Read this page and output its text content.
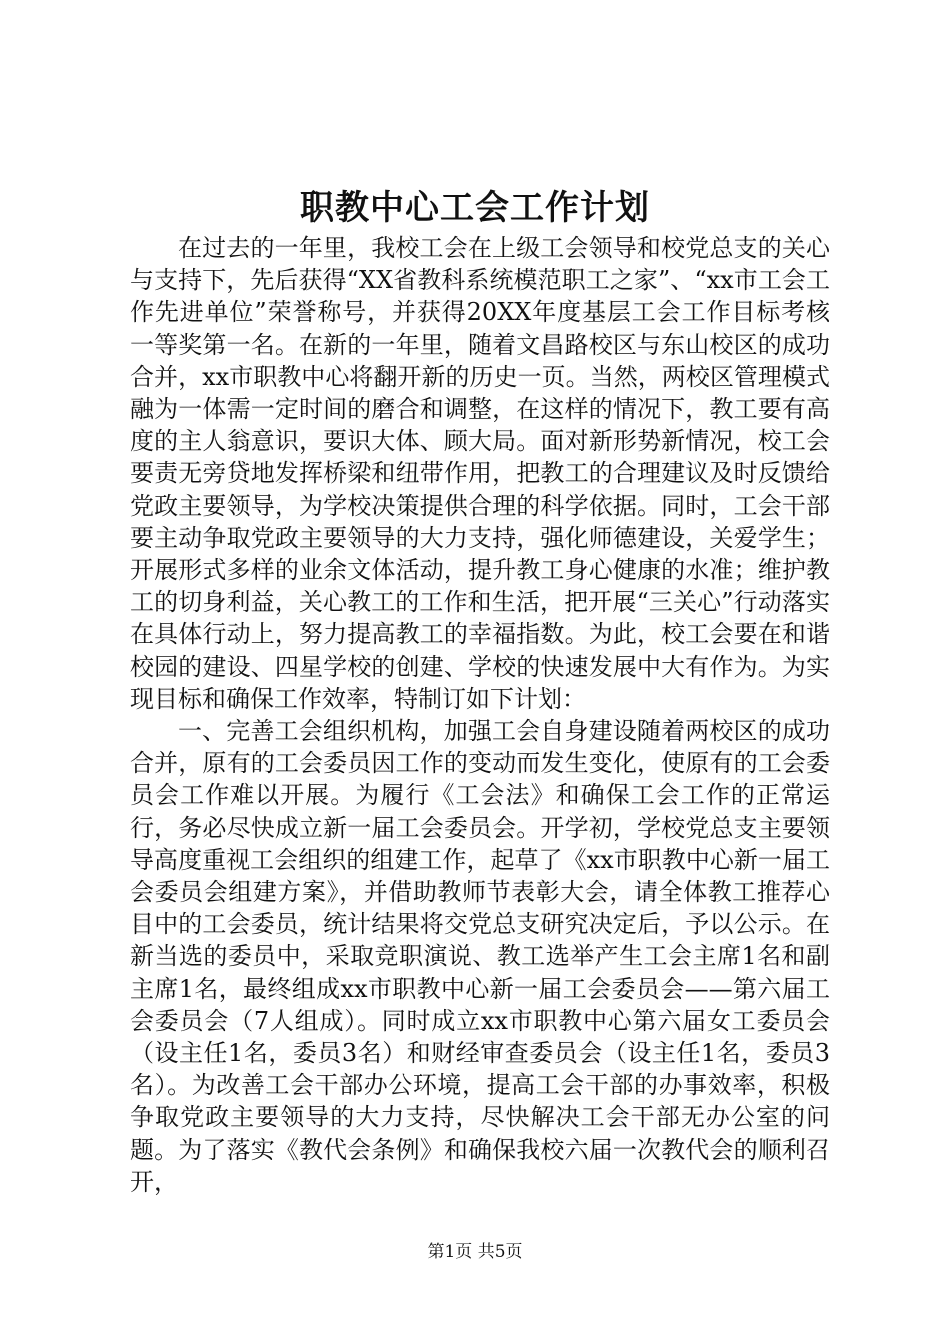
职教中心工会工作计划

在过去的一年里，我校工会在上级工会领导和校党总支的关心与支持下，先后获得“XX省教科系统模范职工之家”、“xx市工会工作先进单位”荣誉称号，并获得20XX年度基层工会工作目标考核一等奖第一名。在新的一年里，随着文昌路校区与东山校区的成功合并，xx市职教中心将翻开新的历史一页。当然，两校区管理模式融为一体需一定时间的磨合和调整，在这样的情况下，教工要有高度的主人翁意识，要识大体、顾大局。面对新形势新情况，校工会要责无旁贷地发挥桥梁和纽带作用，把教工的合理建议及时反馈给党政主要领导，为学校决策提供合理的科学依据。同时，工会干部要主动争取党政主要领导的大力支持，强化师德建设，关爱学生；开展形式多样的业余文体活动，提升教工身心健康的水准；维护教工的切身利益，关心教工的工作和生活，把开展“三关心”行动落实在具体行动上，努力提高教工的幸福指数。为此，校工会要在和谐校园的建设、四星学校的创建、学校的快速发展中大有作为。为实现目标和确保工作效率，特制订如下计划：

一、完善工会组织机构，加强工会自身建设随着两校区的成功合并，原有的工会委员因工作的变动而发生变化，使原有的工会委员会工作难以开展。为履行《工会法》和确保工会工作的正常运行，务必尽快成立新一届工会委员会。开学初，学校党总支主要领导高度重视工会组织的组建工作，起草了《xx市职教中心新一届工会委员会组建方案》，并借助教师节表彰大会，请全体教工推荐心目中的工会委员，统计结果将交党总支研究决定后，予以公示。在新当选的委员中，采取竞职演说、教工选举产生工会主席1名和副主席1名，最终组成xx市职教中心新一届工会委员会——第六届工会委员会（7人组成）。同时成立xx市职教中心第六届女工委员会（设主任1名，委员3名）和财经审查委员会（设主任1名，委员3名）。为改善工会干部办公环境，提高工会干部的办事效率，积极争取党政主要领导的大力支持，尽快解决工会干部无办公室的问题。为了落实《教代会条例》和确保我校六届一次教代会的顺利召开，

第1页 共5页
